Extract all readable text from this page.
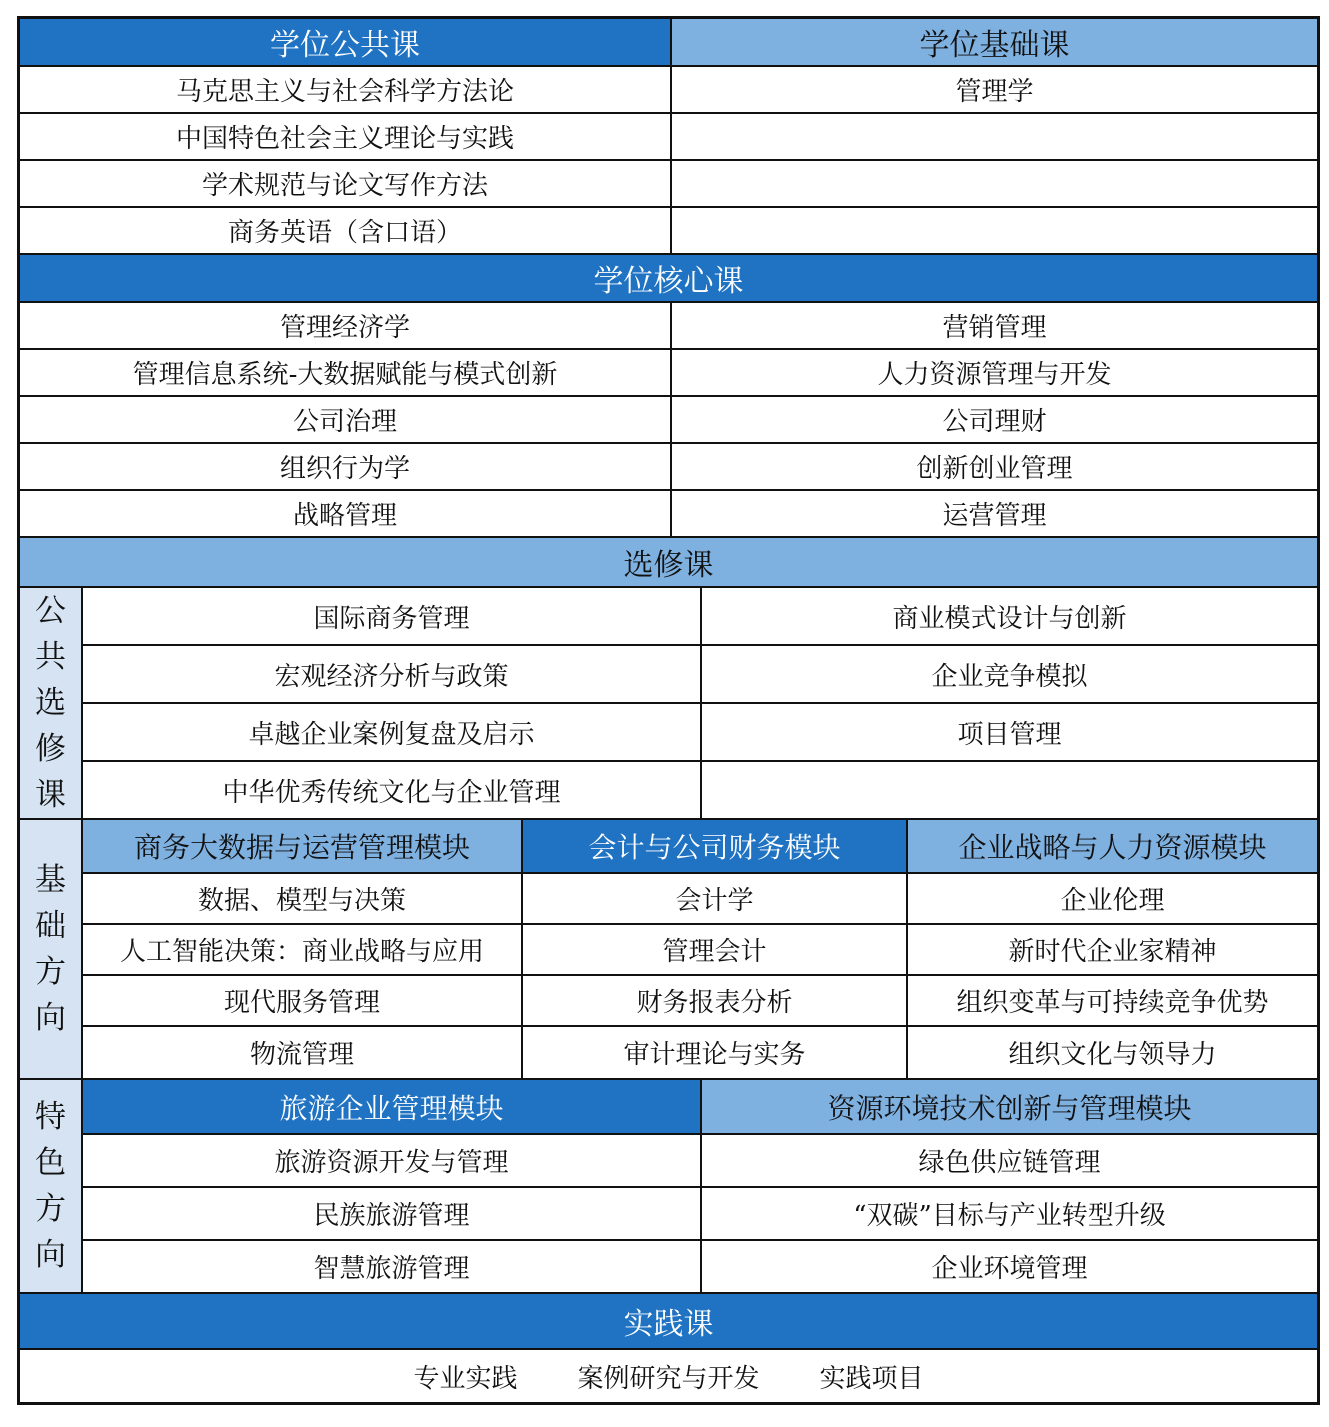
学位公共课	学位基础课
马克思主义与社会科学方法论	管理学
中国特色社会主义理论与实践
学术规范与论文写作方法
商务英语（含口语）
学位核心课
管理经济学	营销管理
管理信息系统-大数据赋能与模式创新	人力资源管理与开发
公司治理	公司理财
组织行为学	创新创业管理
战略管理	运营管理
选修课
公
共
选
修
课
国际商务管理	商业模式设计与创新
宏观经济分析与政策	企业竞争模拟
卓越企业案例复盘及启示	项目管理
中华优秀传统文化与企业管理
基
础
方
向
商务大数据与运营管理模块	会计与公司财务模块	企业战略与人力资源模块
数据、模型与决策	会计学	企业伦理
人工智能决策：商业战略与应用	管理会计	新时代企业家精神
现代服务管理	财务报表分析	组织变革与可持续竞争优势
物流管理	审计理论与实务	组织文化与领导力
特
色
方
向
旅游企业管理模块	资源环境技术创新与管理模块
旅游资源开发与管理	绿色供应链管理
民族旅游管理	“双碳”目标与产业转型升级
智慧旅游管理	企业环境管理
实践课
专业实践 案例研究与开发 实践项目
